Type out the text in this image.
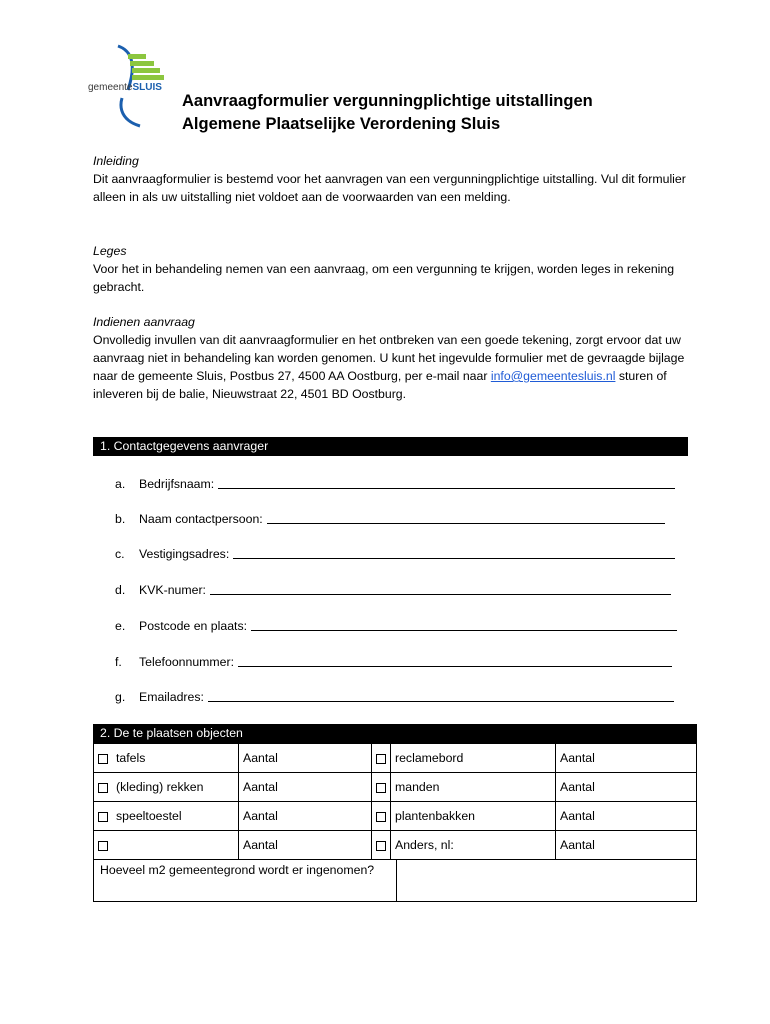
gemeenteSLUIS
Aanvraagformulier vergunningplichtige uitstallingen
Algemene Plaatselijke Verordening Sluis
Inleiding
Dit aanvraagformulier is bestemd voor het aanvragen van een vergunningplichtige uitstalling. Vul dit formulier alleen in als uw uitstalling niet voldoet aan de voorwaarden van een melding.
Leges
Voor het in behandeling nemen van een aanvraag, om een vergunning te krijgen, worden leges in rekening gebracht.
Indienen aanvraag
Onvolledig invullen van dit aanvraagformulier en het ontbreken van een goede tekening, zorgt ervoor dat uw aanvraag niet in behandeling kan worden genomen. U kunt het ingevulde formulier met de gevraagde bijlage naar de gemeente Sluis, Postbus 27, 4500 AA Oostburg, per e-mail naar info@gemeentesluis.nl sturen of inleveren bij de balie, Nieuwstraat 22, 4501 BD Oostburg.
1. Contactgegevens aanvrager
a.	Bedrijfsnaam:
b.	Naam contactpersoon:
c.	Vestigingsadres:
d.	KVK-numer:
e.	Postcode en plaats:
f.	Telefoonnummer:
g.	Emailadres:
2. De te plaatsen objecten
tafels	Aantal		reclamebord	Aantal
(kleding) rekken	Aantal		manden	Aantal
speeltoestel	Aantal		plantenbakken	Aantal
	Aantal		Anders, nl:	Aantal
Hoeveel m2 gemeentegrond wordt er ingenomen?
